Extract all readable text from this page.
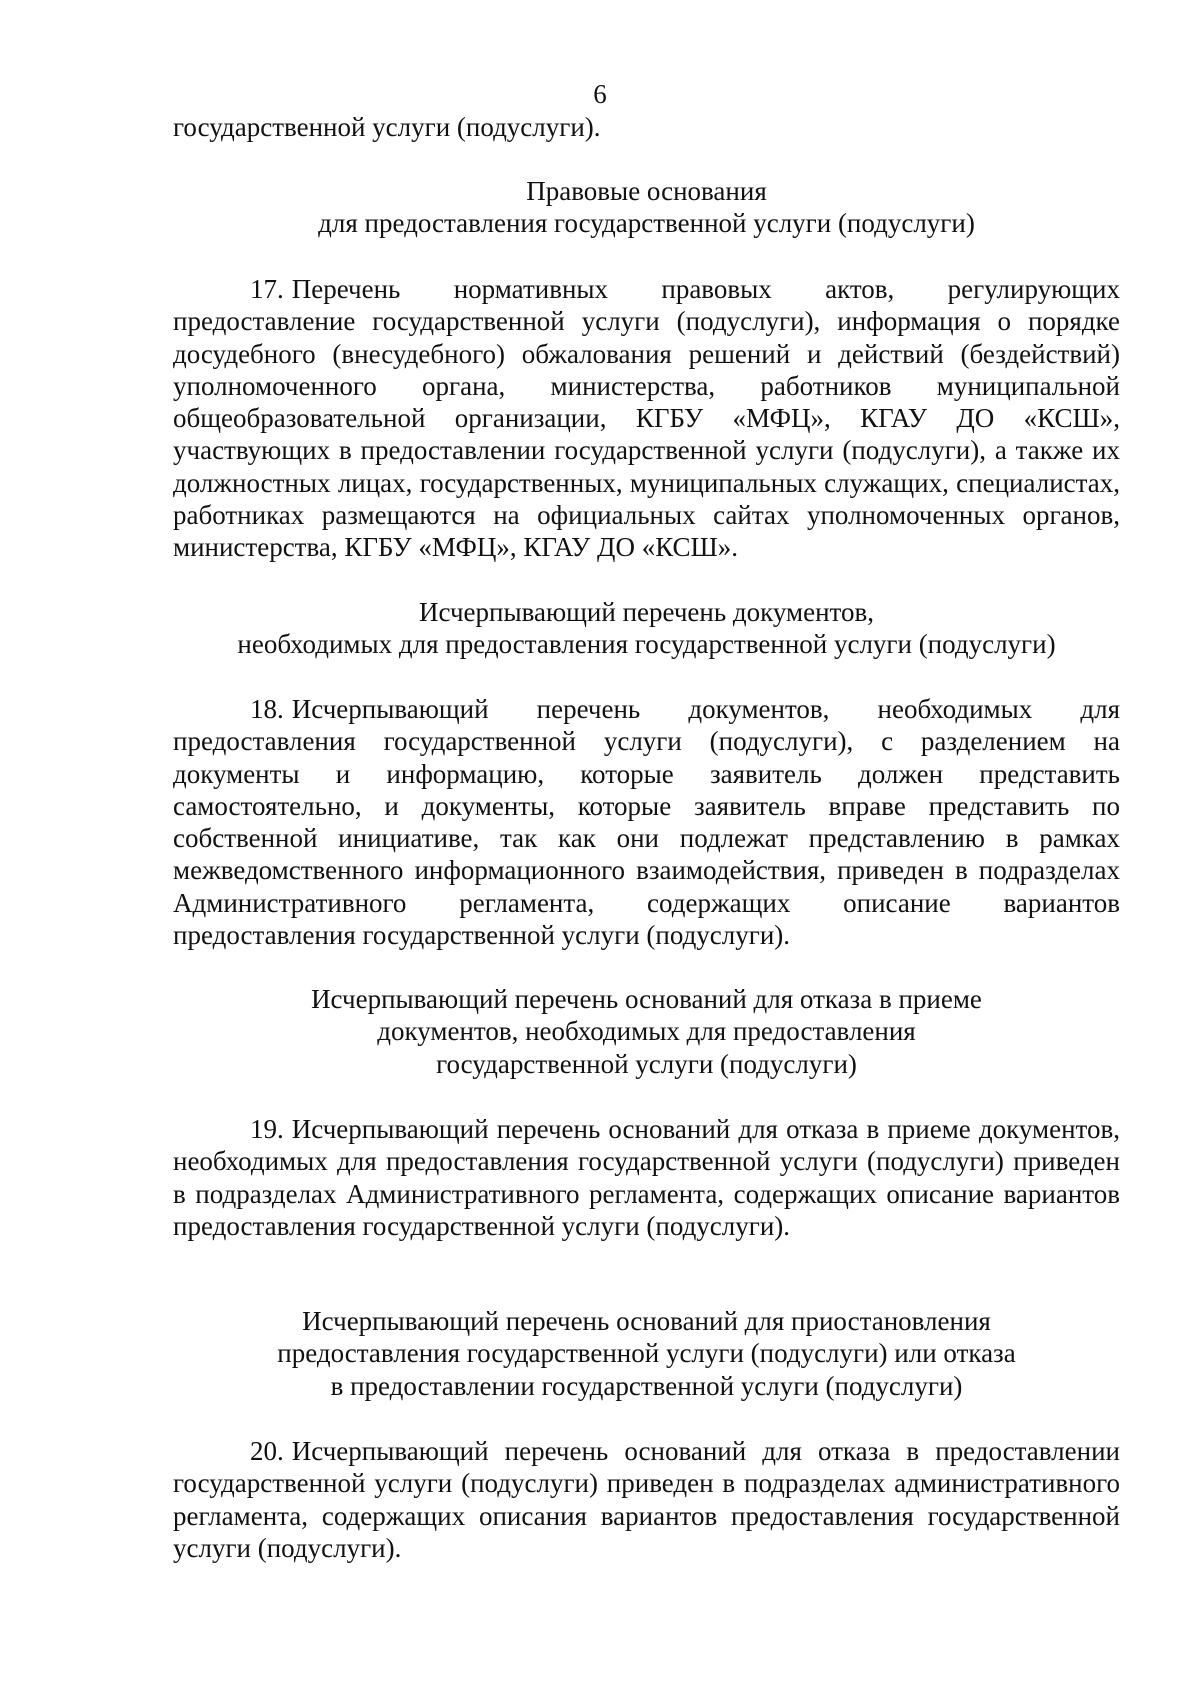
6
государственной услуги (подуслуги).
Правовые основания
для предоставления государственной услуги (подуслуги)
17. Перечень нормативных правовых актов, регулирующих предоставление государственной услуги (подуслуги), информация о порядке досудебного (внесудебного) обжалования решений и действий (бездействий) уполномоченного органа, министерства, работников муниципальной общеобразовательной организации, КГБУ «МФЦ», КГАУ ДО «КСШ», участвующих в предоставлении государственной услуги (подуслуги), а также их должностных лицах, государственных, муниципальных служащих, специалистах, работниках размещаются на официальных сайтах уполномоченных органов, министерства, КГБУ «МФЦ», КГАУ ДО «КСШ».
Исчерпывающий перечень документов,
необходимых для предоставления государственной услуги (подуслуги)
18. Исчерпывающий перечень документов, необходимых для предоставления государственной услуги (подуслуги), с разделением на документы и информацию, которые заявитель должен представить самостоятельно, и документы, которые заявитель вправе представить по собственной инициативе, так как они подлежат представлению в рамках межведомственного информационного взаимодействия, приведен в подразделах Административного регламента, содержащих описание вариантов предоставления государственной услуги (подуслуги).
Исчерпывающий перечень оснований для отказа в приеме
документов, необходимых для предоставления
государственной услуги (подуслуги)
19. Исчерпывающий перечень оснований для отказа в приеме документов, необходимых для предоставления государственной услуги (подуслуги) приведен в подразделах Административного регламента, содержащих описание вариантов предоставления государственной услуги (подуслуги).
Исчерпывающий перечень оснований для приостановления
предоставления государственной услуги (подуслуги) или отказа
в предоставлении государственной услуги (подуслуги)
20. Исчерпывающий перечень оснований для отказа в предоставлении государственной услуги (подуслуги) приведен в подразделах административного регламента, содержащих описания вариантов предоставления государственной услуги (подуслуги).
